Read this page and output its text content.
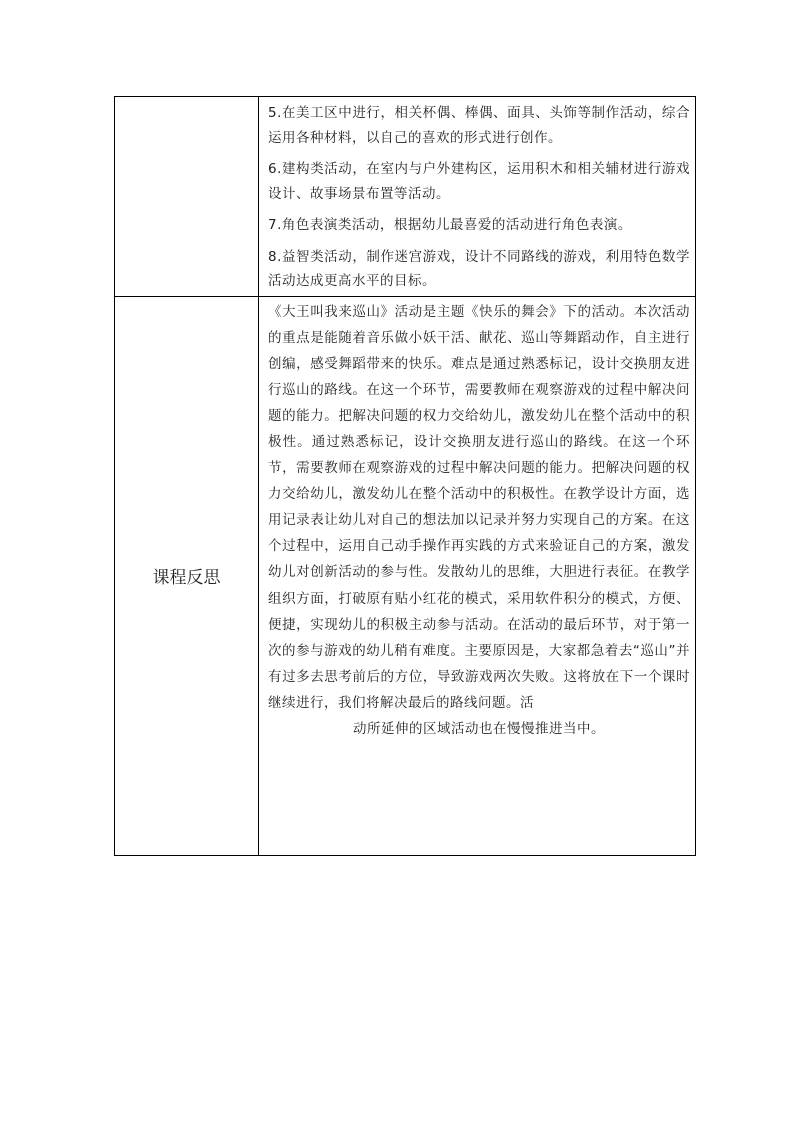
	5.在美工区中进行，相关杯偶、棒偶、面具、头饰等制作活动，综合运用各种材料，以自己的喜欢的形式进行创作。
6.建构类活动，在室内与户外建构区，运用积木和相关辅材进行游戏设计、故事场景布置等活动。
7.角色表演类活动，根据幼儿最喜爱的活动进行角色表演。
8.益智类活动，制作迷宫游戏，设计不同路线的游戏，利用特色数学活动达成更高水平的目标。

课程反思	《大王叫我来巡山》活动是主题《快乐的舞会》下的活动。本次活动的重点是能随着音乐做小妖干活、献花、巡山等舞蹈动作，自主进行创编，感受舞蹈带来的快乐。难点是通过熟悉标记，设计交换朋友进行巡山的路线。在这一个环节，需要教师在观察游戏的过程中解决问题的能力。把解决问题的权力交给幼儿，激发幼儿在整个活动中的积极性。通过熟悉标记，设计交换朋友进行巡山的路线。在这一个环节，需要教师在观察游戏的过程中解决问题的能力。把解决问题的权力交给幼儿，激发幼儿在整个活动中的积极性。在教学设计方面，选用记录表让幼儿对自己的想法加以记录并努力实现自己的方案。在这个过程中，运用自己动手操作再实践的方式来验证自己的方案，激发幼儿对创新活动的参与性。发散幼儿的思维，大胆进行表征。在教学组织方面，打破原有贴小红花的模式，采用软件积分的模式，方便、便捷，实现幼儿的积极主动参与活动。在活动的最后环节，对于第一次的参与游戏的幼儿稍有难度。主要原因是，大家都急着去“巡山”并有过多去思考前后的方位，导致游戏两次失败。这将放在下一个课时继续进行，我们将解决最后的路线问题。活
动所延伸的区域活动也在慢慢推进当中。
